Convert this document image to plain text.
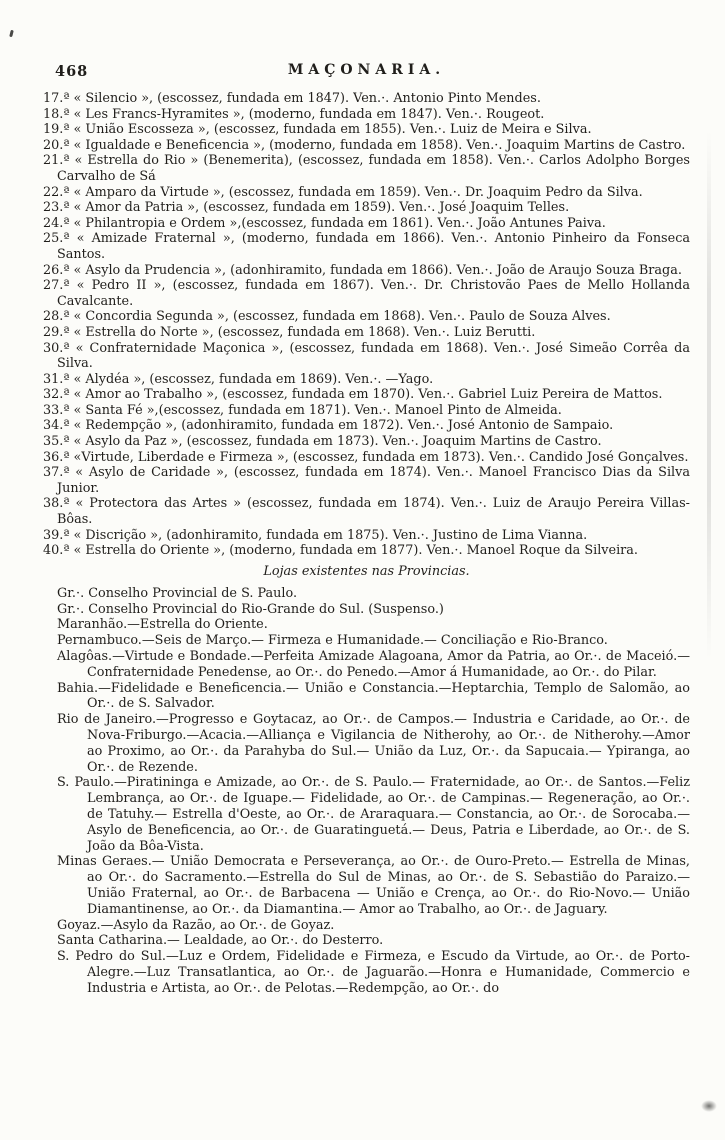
468	MAÇONARIA.

17.ª « Silencio », (escossez, fundada em 1847). Ven.·. Antonio Pinto Mendes.

18.ª « Les Francs-Hyramites », (moderno, fundada em 1847). Ven.·. Rougeot.

19.ª « União Escosseza », (escossez, fundada em 1855). Ven.·. Luiz de Meira e Silva.

20.ª « Igualdade e Beneficencia », (moderno, fundada em 1858). Ven.·. Joaquim Martins de Castro.

21.ª « Estrella do Rio » (Benemerita), (escossez, fundada em 1858). Ven.·. Carlos Adolpho Borges Carvalho de Sá

22.ª « Amparo da Virtude », (escossez, fundada em 1859). Ven.·. Dr. Joaquim Pedro da Silva.

23.ª « Amor da Patria », (escossez, fundada em 1859). Ven.·. José Joaquim Telles.

24.ª « Philantropia e Ordem »,(escossez, fundada em 1861). Ven.·. João Antunes Paiva.

25.ª « Amizade Fraternal », (moderno, fundada em 1866). Ven.·. Antonio Pinheiro da Fonseca Santos.

26.ª « Asylo da Prudencia », (adonhiramito, fundada em 1866). Ven.·. João de Araujo Souza Braga.

27.ª « Pedro II », (escossez, fundada em 1867). Ven.·. Dr. Christovão Paes de Mello Hollanda Cavalcante.

28.ª « Concordia Segunda », (escossez, fundada em 1868). Ven.·. Paulo de Souza Alves.

29.ª « Estrella do Norte », (escossez, fundada em 1868). Ven.·. Luiz Berutti.

30.ª « Confraternidade Maçonica », (escossez, fundada em 1868). Ven.·. José Simeão Corrêa da Silva.

31.ª « Alydéa », (escossez, fundada em 1869). Ven.·. —Yago.

32.ª « Amor ao Trabalho », (escossez, fundada em 1870). Ven.·. Gabriel Luiz Pereira de Mattos.

33.ª « Santa Fé »,(escossez, fundada em 1871). Ven.·. Manoel Pinto de Almeida.

34.ª « Redempção », (adonhiramito, fundada em 1872). Ven.·. José Antonio de Sampaio.

35.ª « Asylo da Paz », (escossez, fundada em 1873). Ven.·. Joaquim Martins de Castro.

36.ª «Virtude, Liberdade e Firmeza », (escossez, fundada em 1873). Ven.·. Candido José Gonçalves.

37.ª « Asylo de Caridade », (escossez, fundada em 1874). Ven.·. Manoel Francisco Dias da Silva Junior.

38.ª « Protectora das Artes » (escossez, fundada em 1874). Ven.·. Luiz de Araujo Pereira Villas-Bôas.

39.ª « Discrição », (adonhiramito, fundada em 1875). Ven.·. Justino de Lima Vianna.

40.ª « Estrella do Oriente », (moderno, fundada em 1877). Ven.·. Manoel Roque da Silveira.

Lojas existentes nas Provincias.

Gr.·. Conselho Provincial de S. Paulo.

Gr.·. Conselho Provincial do Rio-Grande do Sul. (Suspenso.)

Maranhão.—Estrella do Oriente.

Pernambuco.—Seis de Março.— Firmeza e Humanidade.— Conciliação e Rio-Branco.

Alagôas.—Virtude e Bondade.—Perfeita Amizade Alagoana, Amor da Patria, ao Or.·. de Maceió.—Confraternidade Penedense, ao Or.·. do Penedo.—Amor á Humanidade, ao Or.·. do Pilar.

Bahia.—Fidelidade e Beneficencia.— União e Constancia.—Heptarchia, Templo de Salomão, ao Or.·. de S. Salvador.

Rio de Janeiro.—Progresso e Goytacaz, ao Or.·. de Campos.— Industria e Caridade, ao Or.·. de Nova-Friburgo.—Acacia.—Alliança e Vigilancia de Nitherohy, ao Or.·. de Nitherohy.—Amor ao Proximo, ao Or.·. da Parahyba do Sul.— União da Luz, Or.·. da Sapucaia.— Ypiranga, ao Or.·. de Rezende.

S. Paulo.—Piratininga e Amizade, ao Or.·. de S. Paulo.— Fraternidade, ao Or.·. de Santos.—Feliz Lembrança, ao Or.·. de Iguape.— Fidelidade, ao Or.·. de Campinas.— Regeneração, ao Or.·. de Tatuhy.— Estrella d'Oeste, ao Or.·. de Araraquara.— Constancia, ao Or.·. de Sorocaba.—Asylo de Beneficencia, ao Or.·. de Guaratinguetá.— Deus, Patria e Liberdade, ao Or.·. de S. João da Bôa-Vista.

Minas Geraes.— União Democrata e Perseverança, ao Or.·. de Ouro-Preto.— Estrella de Minas, ao Or.·. do Sacramento.—Estrella do Sul de Minas, ao Or.·. de S. Sebastião do Paraizo.—União Fraternal, ao Or.·. de Barbacena — União e Crença, ao Or.·. do Rio-Novo.— União Diamantinense, ao Or.·. da Diamantina.— Amor ao Trabalho, ao Or.·. de Jaguary.

Goyaz.—Asylo da Razão, ao Or.·. de Goyaz.

Santa Catharina.— Lealdade, ao Or.·. do Desterro.

S. Pedro do Sul.—Luz e Ordem, Fidelidade e Firmeza, e Escudo da Virtude, ao Or.·. de Porto-Alegre.—Luz Transatlantica, ao Or.·. de Jaguarão.—Honra e Humanidade, Commercio e Industria e Artista, ao Or.·. de Pelotas.—Redempção, ao Or.·. do
